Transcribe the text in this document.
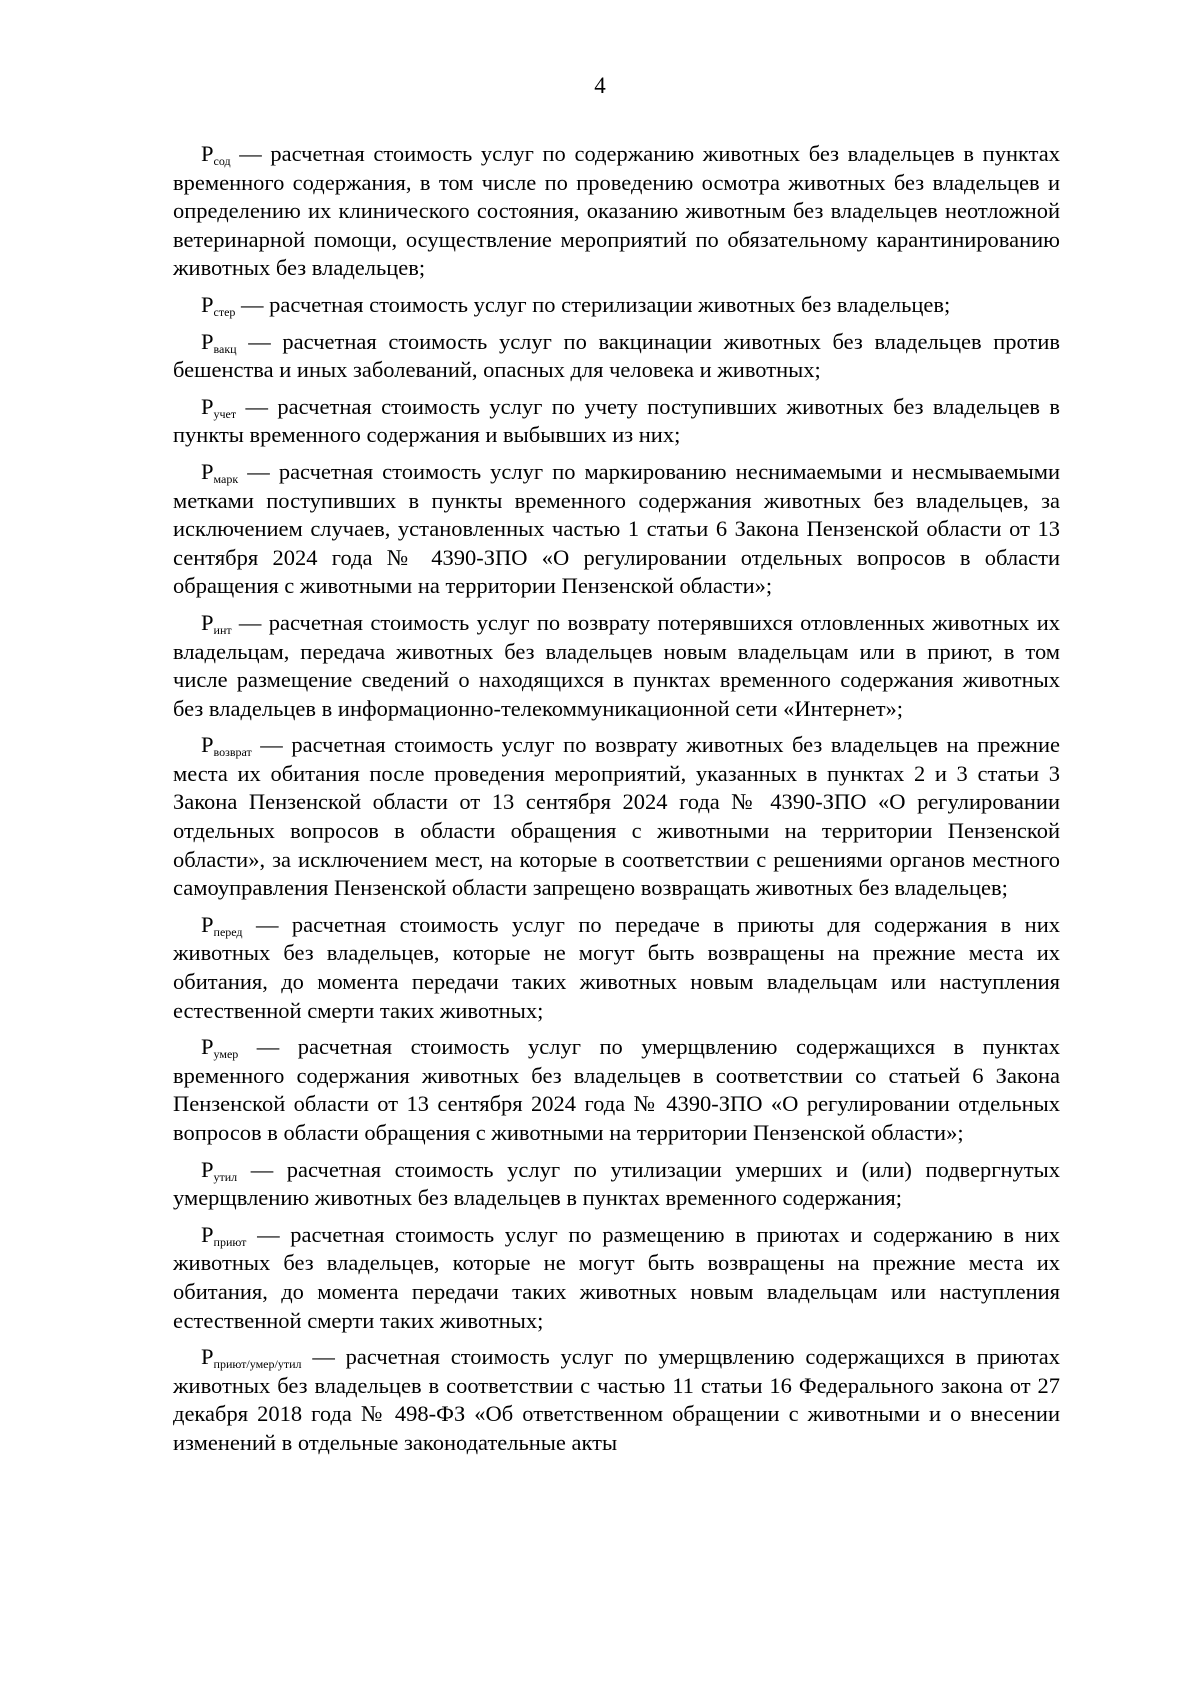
4

$P_{сод}$ — расчетная стоимость услуг по содержанию животных без владельцев в пунктах временного содержания, в том числе по проведению осмотра животных без владельцев и определению их клинического состояния, оказанию животным без владельцев неотложной ветеринарной помощи, осуществление мероприятий по обязательному карантинированию животных без владельцев;

$P_{стер}$ — расчетная стоимость услуг по стерилизации животных без владельцев;

$P_{вакц}$ — расчетная стоимость услуг по вакцинации животных без владельцев против бешенства и иных заболеваний, опасных для человека и животных;

$P_{учет}$ — расчетная стоимость услуг по учету поступивших животных без владельцев в пункты временного содержания и выбывших из них;

$P_{марк}$ — расчетная стоимость услуг по маркированию неснимаемыми и несмываемыми метками поступивших в пункты временного содержания животных без владельцев, за исключением случаев, установленных частью 1 статьи 6 Закона Пензенской области от 13 сентября 2024 года № 4390-ЗПО «О регулировании отдельных вопросов в области обращения с животными на территории Пензенской области»;

$P_{инт}$ — расчетная стоимость услуг по возврату потерявшихся отловленных животных их владельцам, передача животных без владельцев новым владельцам или в приют, в том числе размещение сведений о находящихся в пунктах временного содержания животных без владельцев в информационно-телекоммуникационной сети «Интернет»;

$P_{возврат}$ — расчетная стоимость услуг по возврату животных без владельцев на прежние места их обитания после проведения мероприятий, указанных в пунктах 2 и 3 статьи 3 Закона Пензенской области от 13 сентября 2024 года № 4390-ЗПО «О регулировании отдельных вопросов в области обращения с животными на территории Пензенской области», за исключением мест, на которые в соответствии с решениями органов местного самоуправления Пензенской области запрещено возвращать животных без владельцев;

$P_{перед}$ — расчетная стоимость услуг по передаче в приюты для содержания в них животных без владельцев, которые не могут быть возвращены на прежние места их обитания, до момента передачи таких животных новым владельцам или наступления естественной смерти таких животных;

$P_{умер}$ — расчетная стоимость услуг по умерщвлению содержащихся в пунктах временного содержания животных без владельцев в соответствии со статьей 6 Закона Пензенской области от 13 сентября 2024 года № 4390-ЗПО «О регулировании отдельных вопросов в области обращения с животными на территории Пензенской области»;

$P_{утил}$ — расчетная стоимость услуг по утилизации умерших и (или) подвергнутых умерщвлению животных без владельцев в пунктах временного содержания;

$P_{приют}$ — расчетная стоимость услуг по размещению в приютах и содержанию в них животных без владельцев, которые не могут быть возвращены на прежние места их обитания, до момента передачи таких животных новым владельцам или наступления естественной смерти таких животных;

$P_{приют/умер/утил}$ — расчетная стоимость услуг по умерщвлению содержащихся в приютах животных без владельцев в соответствии с частью 11 статьи 16 Федерального закона от 27 декабря 2018 года № 498-ФЗ «Об ответственном обращении с животными и о внесении изменений в отдельные законодательные акты
